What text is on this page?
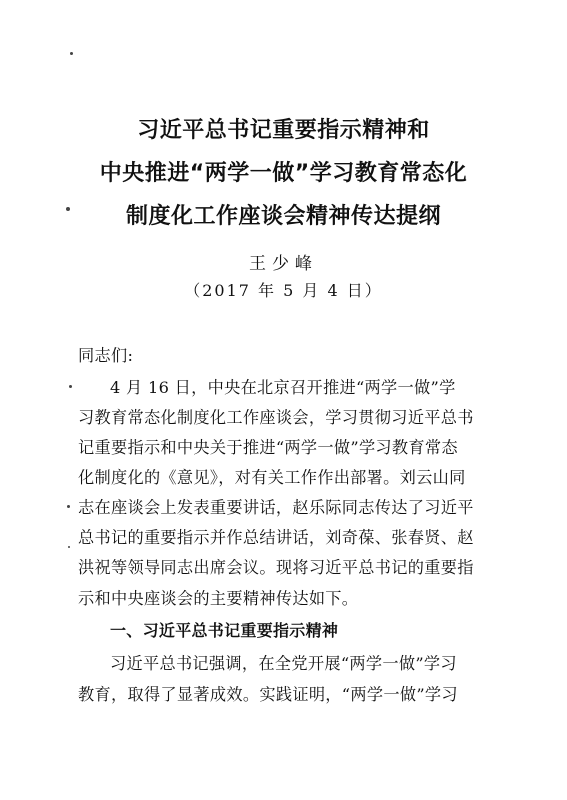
习近平总书记重要指示精神和
中央推进“两学一做”学习教育常态化
制度化工作座谈会精神传达提纲
王少峰
（2017 年 5 月 4 日）
同志们:
4 月 16 日，中央在北京召开推进“两学一做”学
习教育常态化制度化工作座谈会，学习贯彻习近平总书
记重要指示和中央关于推进“两学一做”学习教育常态
化制度化的《意见》，对有关工作作出部署。刘云山同
志在座谈会上发表重要讲话，赵乐际同志传达了习近平
总书记的重要指示并作总结讲话，刘奇葆、张春贤、赵
洪祝等领导同志出席会议。现将习近平总书记的重要指
示和中央座谈会的主要精神传达如下。
一、习近平总书记重要指示精神
习近平总书记强调，在全党开展“两学一做”学习
教育，取得了显著成效。实践证明，“两学一做”学习
